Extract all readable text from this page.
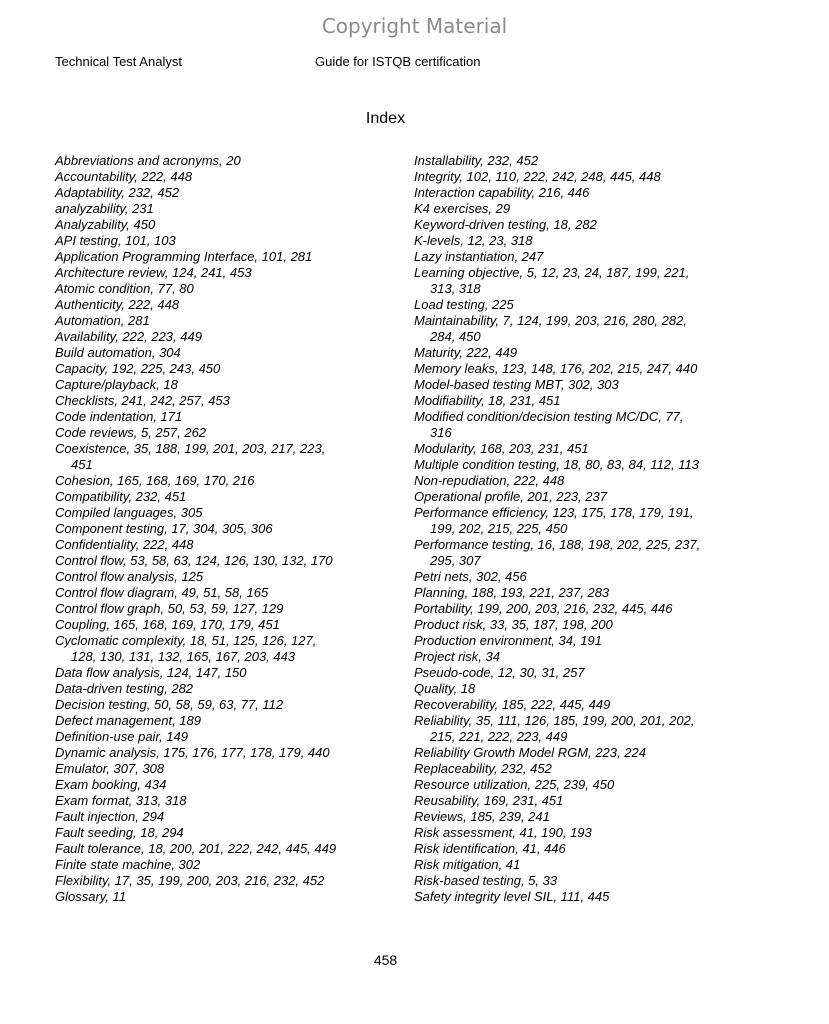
Copyright Material
Technical Test Analyst	Guide for ISTQB certification
Index
Abbreviations and acronyms, 20
Accountability, 222, 448
Adaptability, 232, 452
analyzability, 231
Analyzability, 450
API testing, 101, 103
Application Programming Interface, 101, 281
Architecture review, 124, 241, 453
Atomic condition, 77, 80
Authenticity, 222, 448
Automation, 281
Availability, 222, 223, 449
Build automation, 304
Capacity, 192, 225, 243, 450
Capture/playback, 18
Checklists, 241, 242, 257, 453
Code indentation, 171
Code reviews, 5, 257, 262
Coexistence, 35, 188, 199, 201, 203, 217, 223,
451
Cohesion, 165, 168, 169, 170, 216
Compatibility, 232, 451
Compiled languages, 305
Component testing, 17, 304, 305, 306
Confidentiality, 222, 448
Control flow, 53, 58, 63, 124, 126, 130, 132, 170
Control flow analysis, 125
Control flow diagram, 49, 51, 58, 165
Control flow graph, 50, 53, 59, 127, 129
Coupling, 165, 168, 169, 170, 179, 451
Cyclomatic complexity, 18, 51, 125, 126, 127,
128, 130, 131, 132, 165, 167, 203, 443
Data flow analysis, 124, 147, 150
Data-driven testing, 282
Decision testing, 50, 58, 59, 63, 77, 112
Defect management, 189
Definition-use pair, 149
Dynamic analysis, 175, 176, 177, 178, 179, 440
Emulator, 307, 308
Exam booking, 434
Exam format, 313, 318
Fault injection, 294
Fault seeding, 18, 294
Fault tolerance, 18, 200, 201, 222, 242, 445, 449
Finite state machine, 302
Flexibility, 17, 35, 199, 200, 203, 216, 232, 452
Glossary, 11
Installability, 232, 452
Integrity, 102, 110, 222, 242, 248, 445, 448
Interaction capability, 216, 446
K4 exercises, 29
Keyword-driven testing, 18, 282
K-levels, 12, 23, 318
Lazy instantiation, 247
Learning objective, 5, 12, 23, 24, 187, 199, 221,
313, 318
Load testing, 225
Maintainability, 7, 124, 199, 203, 216, 280, 282,
284, 450
Maturity, 222, 449
Memory leaks, 123, 148, 176, 202, 215, 247, 440
Model-based testing MBT, 302, 303
Modifiability, 18, 231, 451
Modified condition/decision testing MC/DC, 77,
316
Modularity, 168, 203, 231, 451
Multiple condition testing, 18, 80, 83, 84, 112, 113
Non-repudiation, 222, 448
Operational profile, 201, 223, 237
Performance efficiency, 123, 175, 178, 179, 191,
199, 202, 215, 225, 450
Performance testing, 16, 188, 198, 202, 225, 237,
295, 307
Petri nets, 302, 456
Planning, 188, 193, 221, 237, 283
Portability, 199, 200, 203, 216, 232, 445, 446
Product risk, 33, 35, 187, 198, 200
Production environment, 34, 191
Project risk, 34
Pseudo-code, 12, 30, 31, 257
Quality, 18
Recoverability, 185, 222, 445, 449
Reliability, 35, 111, 126, 185, 199, 200, 201, 202,
215, 221, 222, 223, 449
Reliability Growth Model RGM, 223, 224
Replaceability, 232, 452
Resource utilization, 225, 239, 450
Reusability, 169, 231, 451
Reviews, 185, 239, 241
Risk assessment, 41, 190, 193
Risk identification, 41, 446
Risk mitigation, 41
Risk-based testing, 5, 33
Safety integrity level SIL, 111, 445
458
